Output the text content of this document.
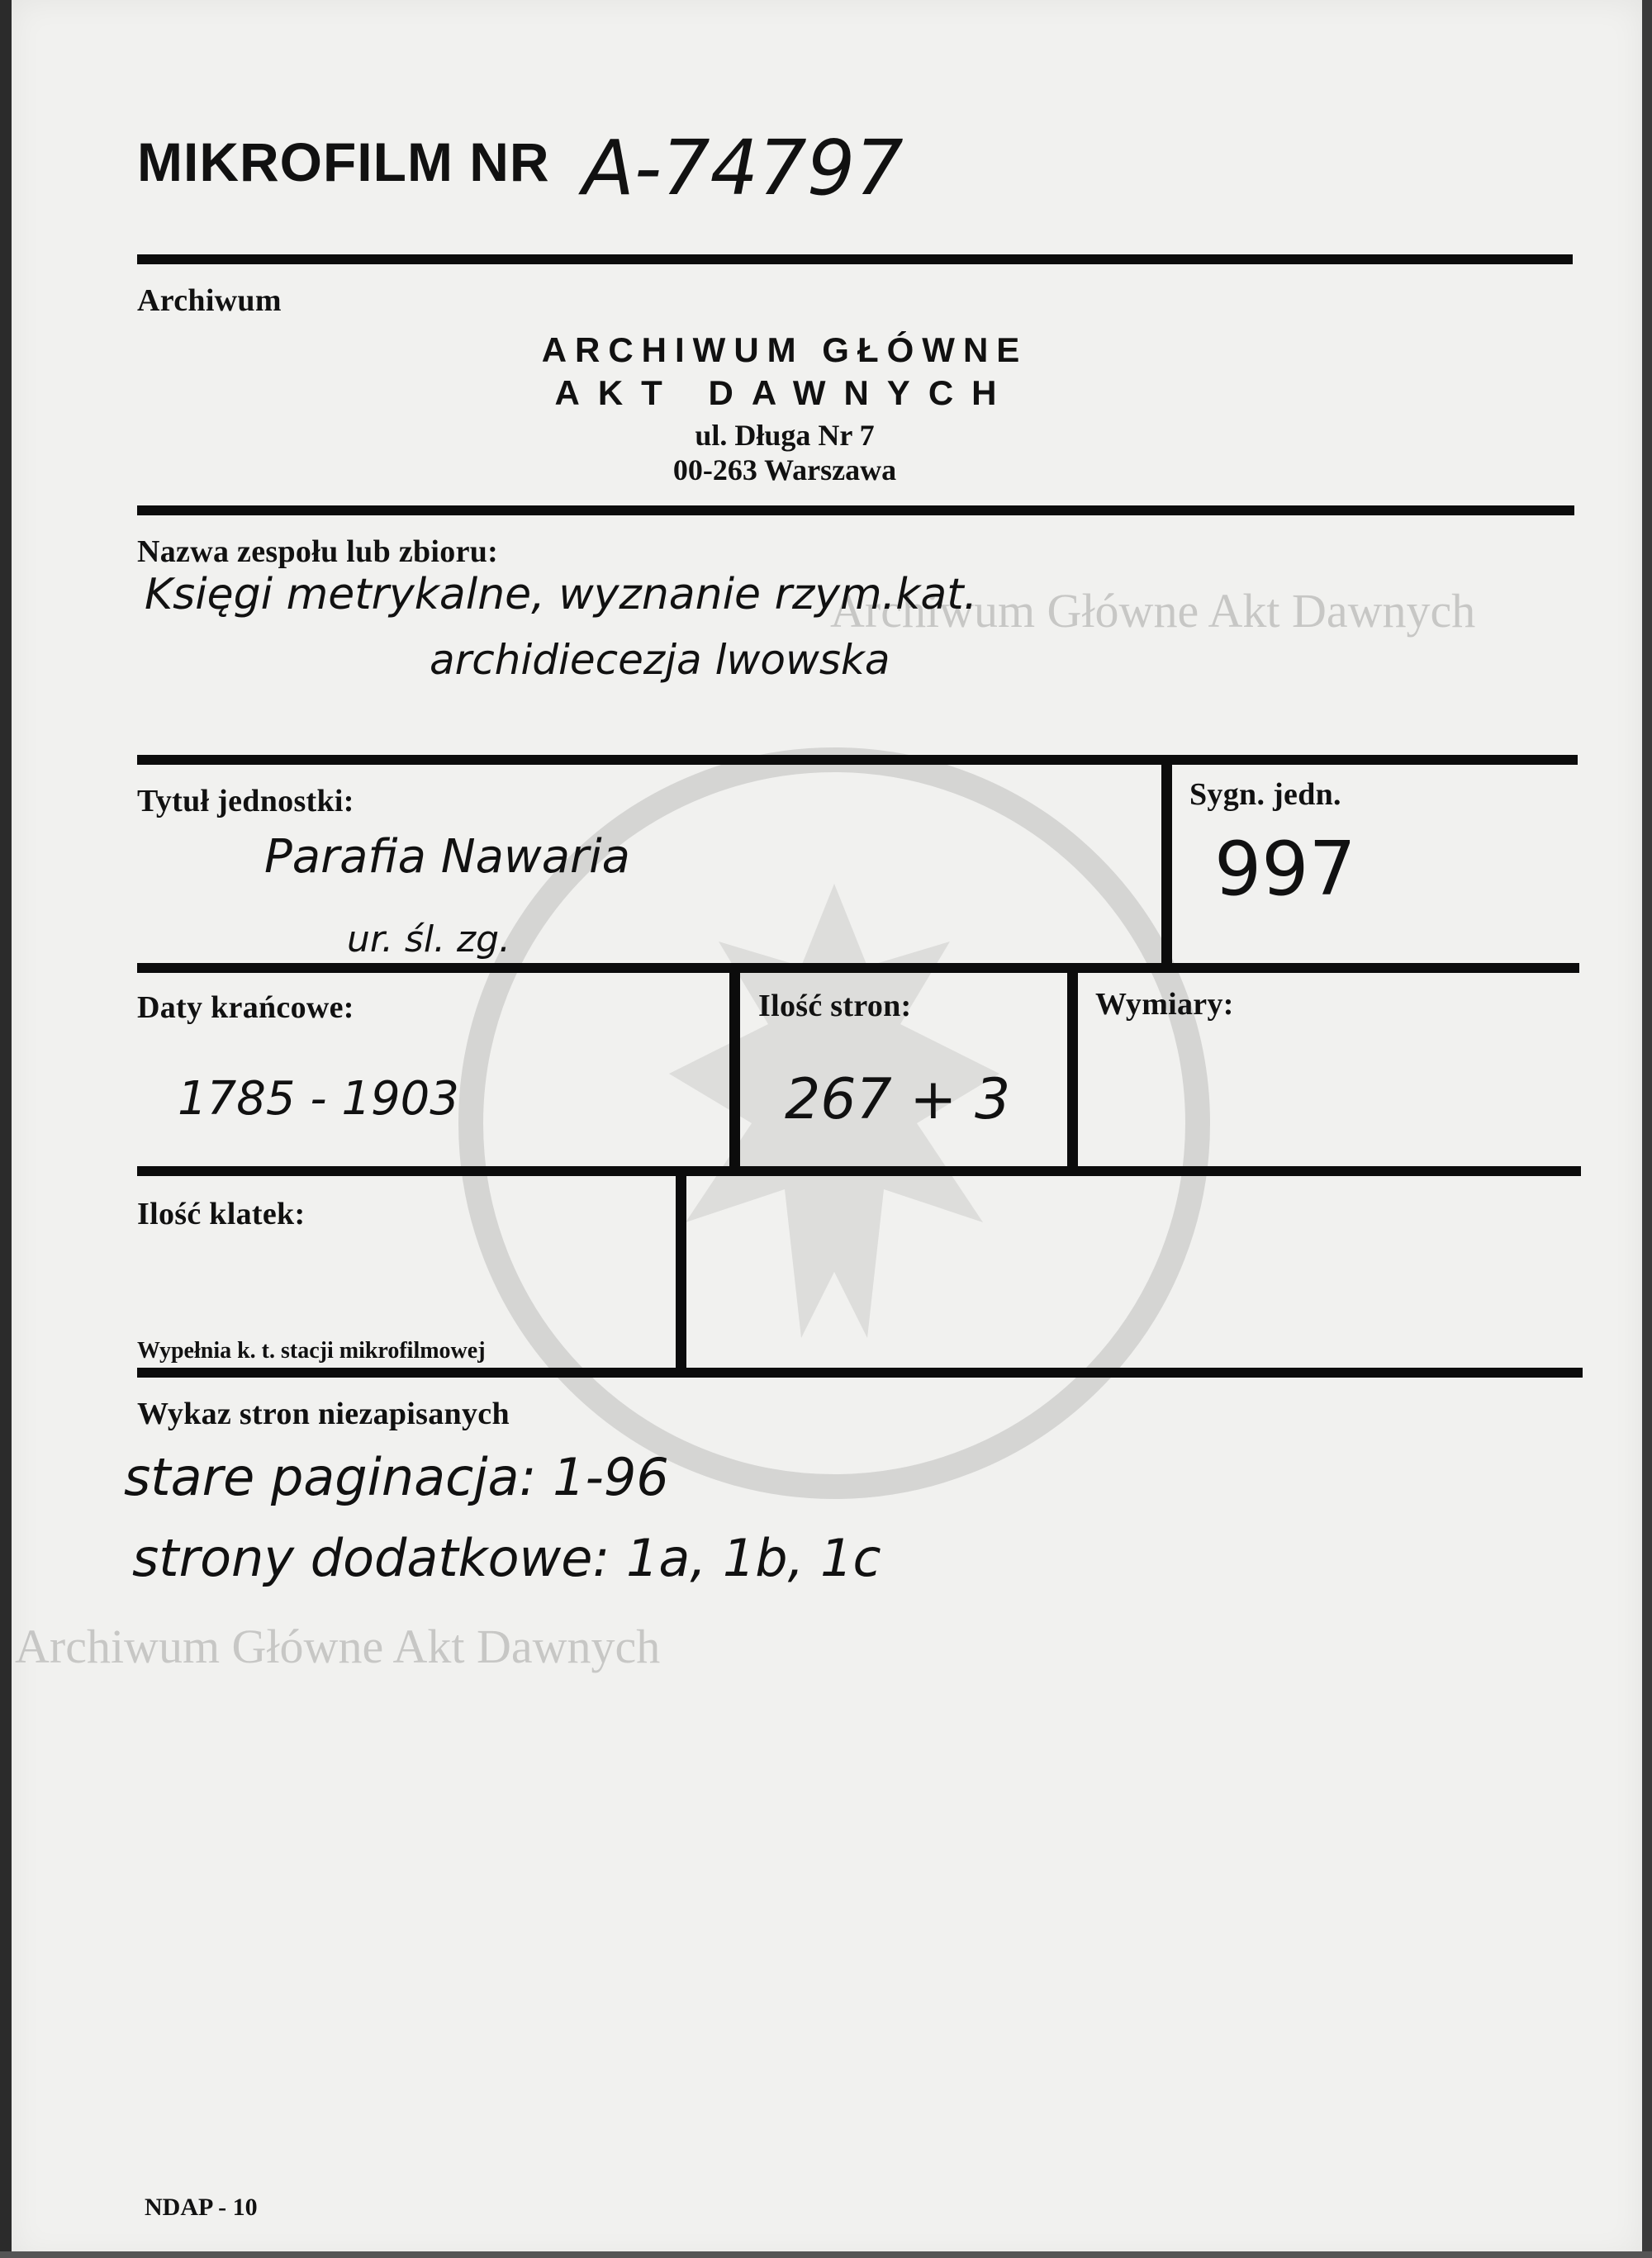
Archiwum Główne Akt Dawnych
Archiwum Główne Akt Dawnych
MIKROFILM NR A-74797
Archiwum
ARCHIWUM GŁÓWNE
AKT DAWNYCH
ul. Długa Nr 7
00-263 Warszawa
Nazwa zespołu lub zbioru:
Księgi metrykalne, wyznanie rzym.kat.
archidiecezja lwowska
Tytuł jednostki:
Parafia Nawaria
ur. śl. zg.
Sygn. jedn.
997
Daty krańcowe:
1785 - 1903
Ilość stron:
267 + 3
Wymiary:
Ilość klatek:
Wypełnia k. t. stacji mikrofilmowej
Wykaz stron niezapisanych
stare paginacja: 1-96
strony dodatkowe: 1a, 1b, 1c
NDAP - 10
